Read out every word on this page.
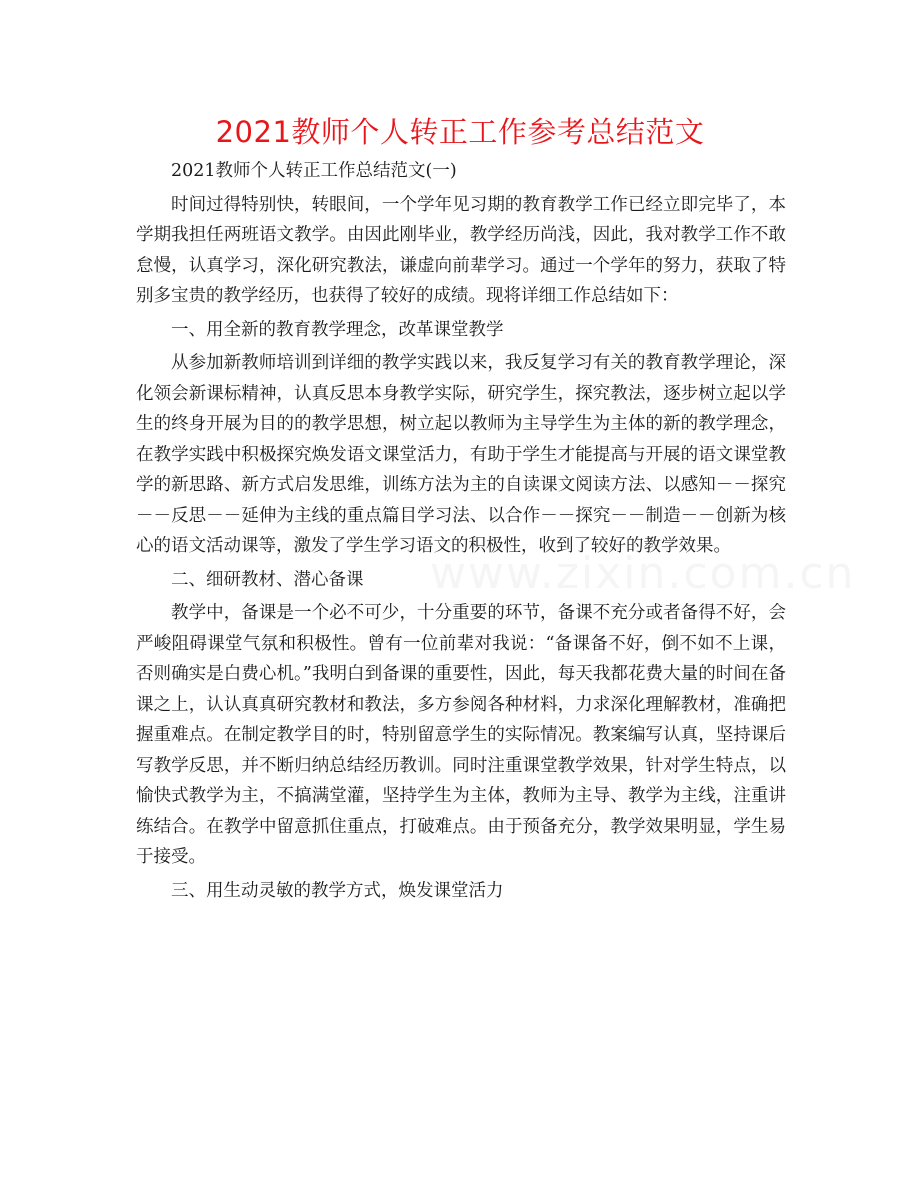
2021教师个人转正工作参考总结范文
www.zixin.com.cn

2021教师个人转正工作总结范文(一)

时间过得特别快，转眼间，一个学年见习期的教育教学工作已经立即完毕了，本学期我担任两班语文教学。由因此刚毕业，教学经历尚浅，因此，我对教学工作不敢怠慢，认真学习，深化研究教法，谦虚向前辈学习。通过一个学年的努力，获取了特别多宝贵的教学经历，也获得了较好的成绩。现将详细工作总结如下：

一、用全新的教育教学理念，改革课堂教学

从参加新教师培训到详细的教学实践以来，我反复学习有关的教育教学理论，深化领会新课标精神，认真反思本身教学实际，研究学生，探究教法，逐步树立起以学生的终身开展为目的的教学思想，树立起以教师为主导学生为主体的新的教学理念，在教学实践中积极探究焕发语文课堂活力，有助于学生才能提高与开展的语文课堂教学的新思路、新方式启发思维，训练方法为主的自读课文阅读方法、以感知－－探究－－反思－－延伸为主线的重点篇目学习法、以合作－－探究－－制造－－创新为核心的语文活动课等，激发了学生学习语文的积极性，收到了较好的教学效果。

二、细研教材、潜心备课

教学中，备课是一个必不可少，十分重要的环节，备课不充分或者备得不好，会严峻阻碍课堂气氛和积极性。曾有一位前辈对我说：“备课备不好，倒不如不上课，否则确实是白费心机。”我明白到备课的重要性，因此，每天我都花费大量的时间在备课之上，认认真真研究教材和教法，多方参阅各种材料，力求深化理解教材，准确把握重难点。在制定教学目的时，特别留意学生的实际情况。教案编写认真，坚持课后写教学反思，并不断归纳总结经历教训。同时注重课堂教学效果，针对学生特点，以愉快式教学为主，不搞满堂灌，坚持学生为主体，教师为主导、教学为主线，注重讲练结合。在教学中留意抓住重点，打破难点。由于预备充分，教学效果明显，学生易于接受。

三、用生动灵敏的教学方式，焕发课堂活力
